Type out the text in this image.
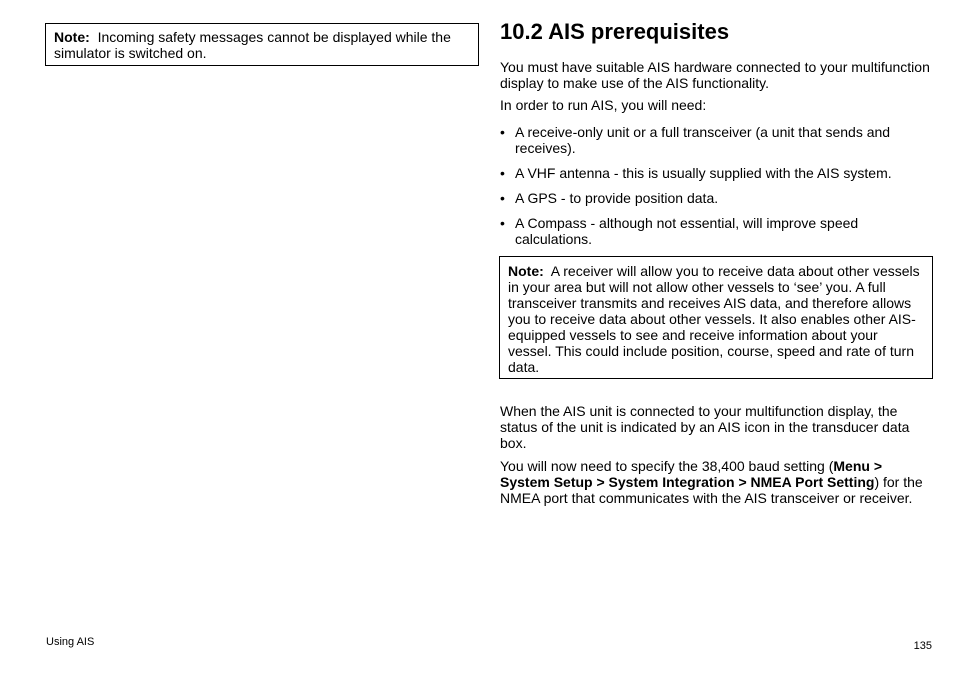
Note: Incoming safety messages cannot be displayed while the simulator is switched on.
10.2 AIS prerequisites

You must have suitable AIS hardware connected to your multifunction display to make use of the AIS functionality.

In order to run AIS, you will need:

• A receive-only unit or a full transceiver (a unit that sends and receives).
• A VHF antenna - this is usually supplied with the AIS system.
• A GPS - to provide position data.
• A Compass - although not essential, will improve speed calculations.
Note: A receiver will allow you to receive data about other vessels in your area but will not allow other vessels to ‘see’ you. A full transceiver transmits and receives AIS data, and therefore allows you to receive data about other vessels. It also enables other AIS-equipped vessels to see and receive information about your vessel. This could include position, course, speed and rate of turn data.

When the AIS unit is connected to your multifunction display, the status of the unit is indicated by an AIS icon in the transducer data box.

You will now need to specify the 38,400 baud setting (Menu > System Setup > System Integration > NMEA Port Setting) for the NMEA port that communicates with the AIS transceiver or receiver.

Using AIS	135
